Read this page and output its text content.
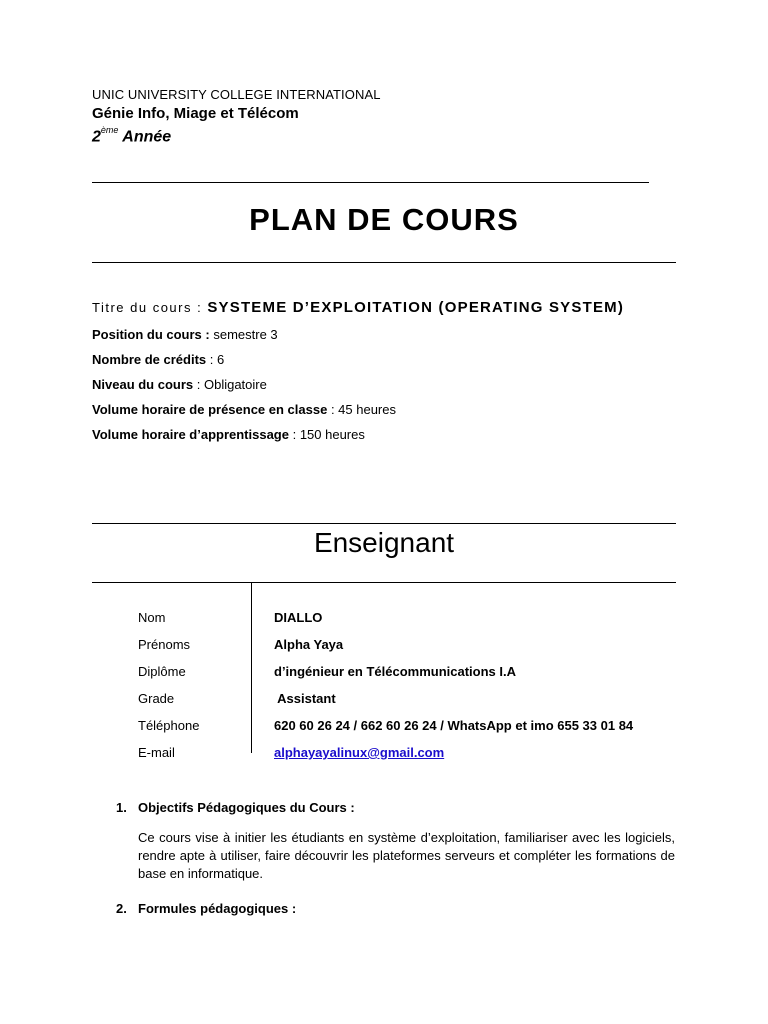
UNIC UNIVERSITY COLLEGE INTERNATIONAL
Génie Info, Miage et Télécom
2ème Année
PLAN DE COURS
Titre du cours : SYSTEME D’EXPLOITATION (OPERATING SYSTEM)
Position du cours : semestre 3
Nombre de crédits : 6
Niveau du cours : Obligatoire
Volume horaire de présence en classe : 45 heures
Volume horaire d’apprentissage : 150 heures
Enseignant
Nom	DIALLO
Prénoms	Alpha Yaya
Diplôme	d’ingénieur en Télécommunications I.A
Grade	Assistant
Téléphone	620 60 26 24 / 662 60 26 24 / WhatsApp et imo 655 33 01 84
E-mail	alphayayalinux@gmail.com
1. Objectifs Pédagogiques du Cours :
Ce cours vise à initier les étudiants en système d’exploitation, familiariser avec les logiciels, rendre apte à utiliser, faire découvrir les plateformes serveurs et compléter les formations de base en informatique.
2. Formules pédagogiques :
